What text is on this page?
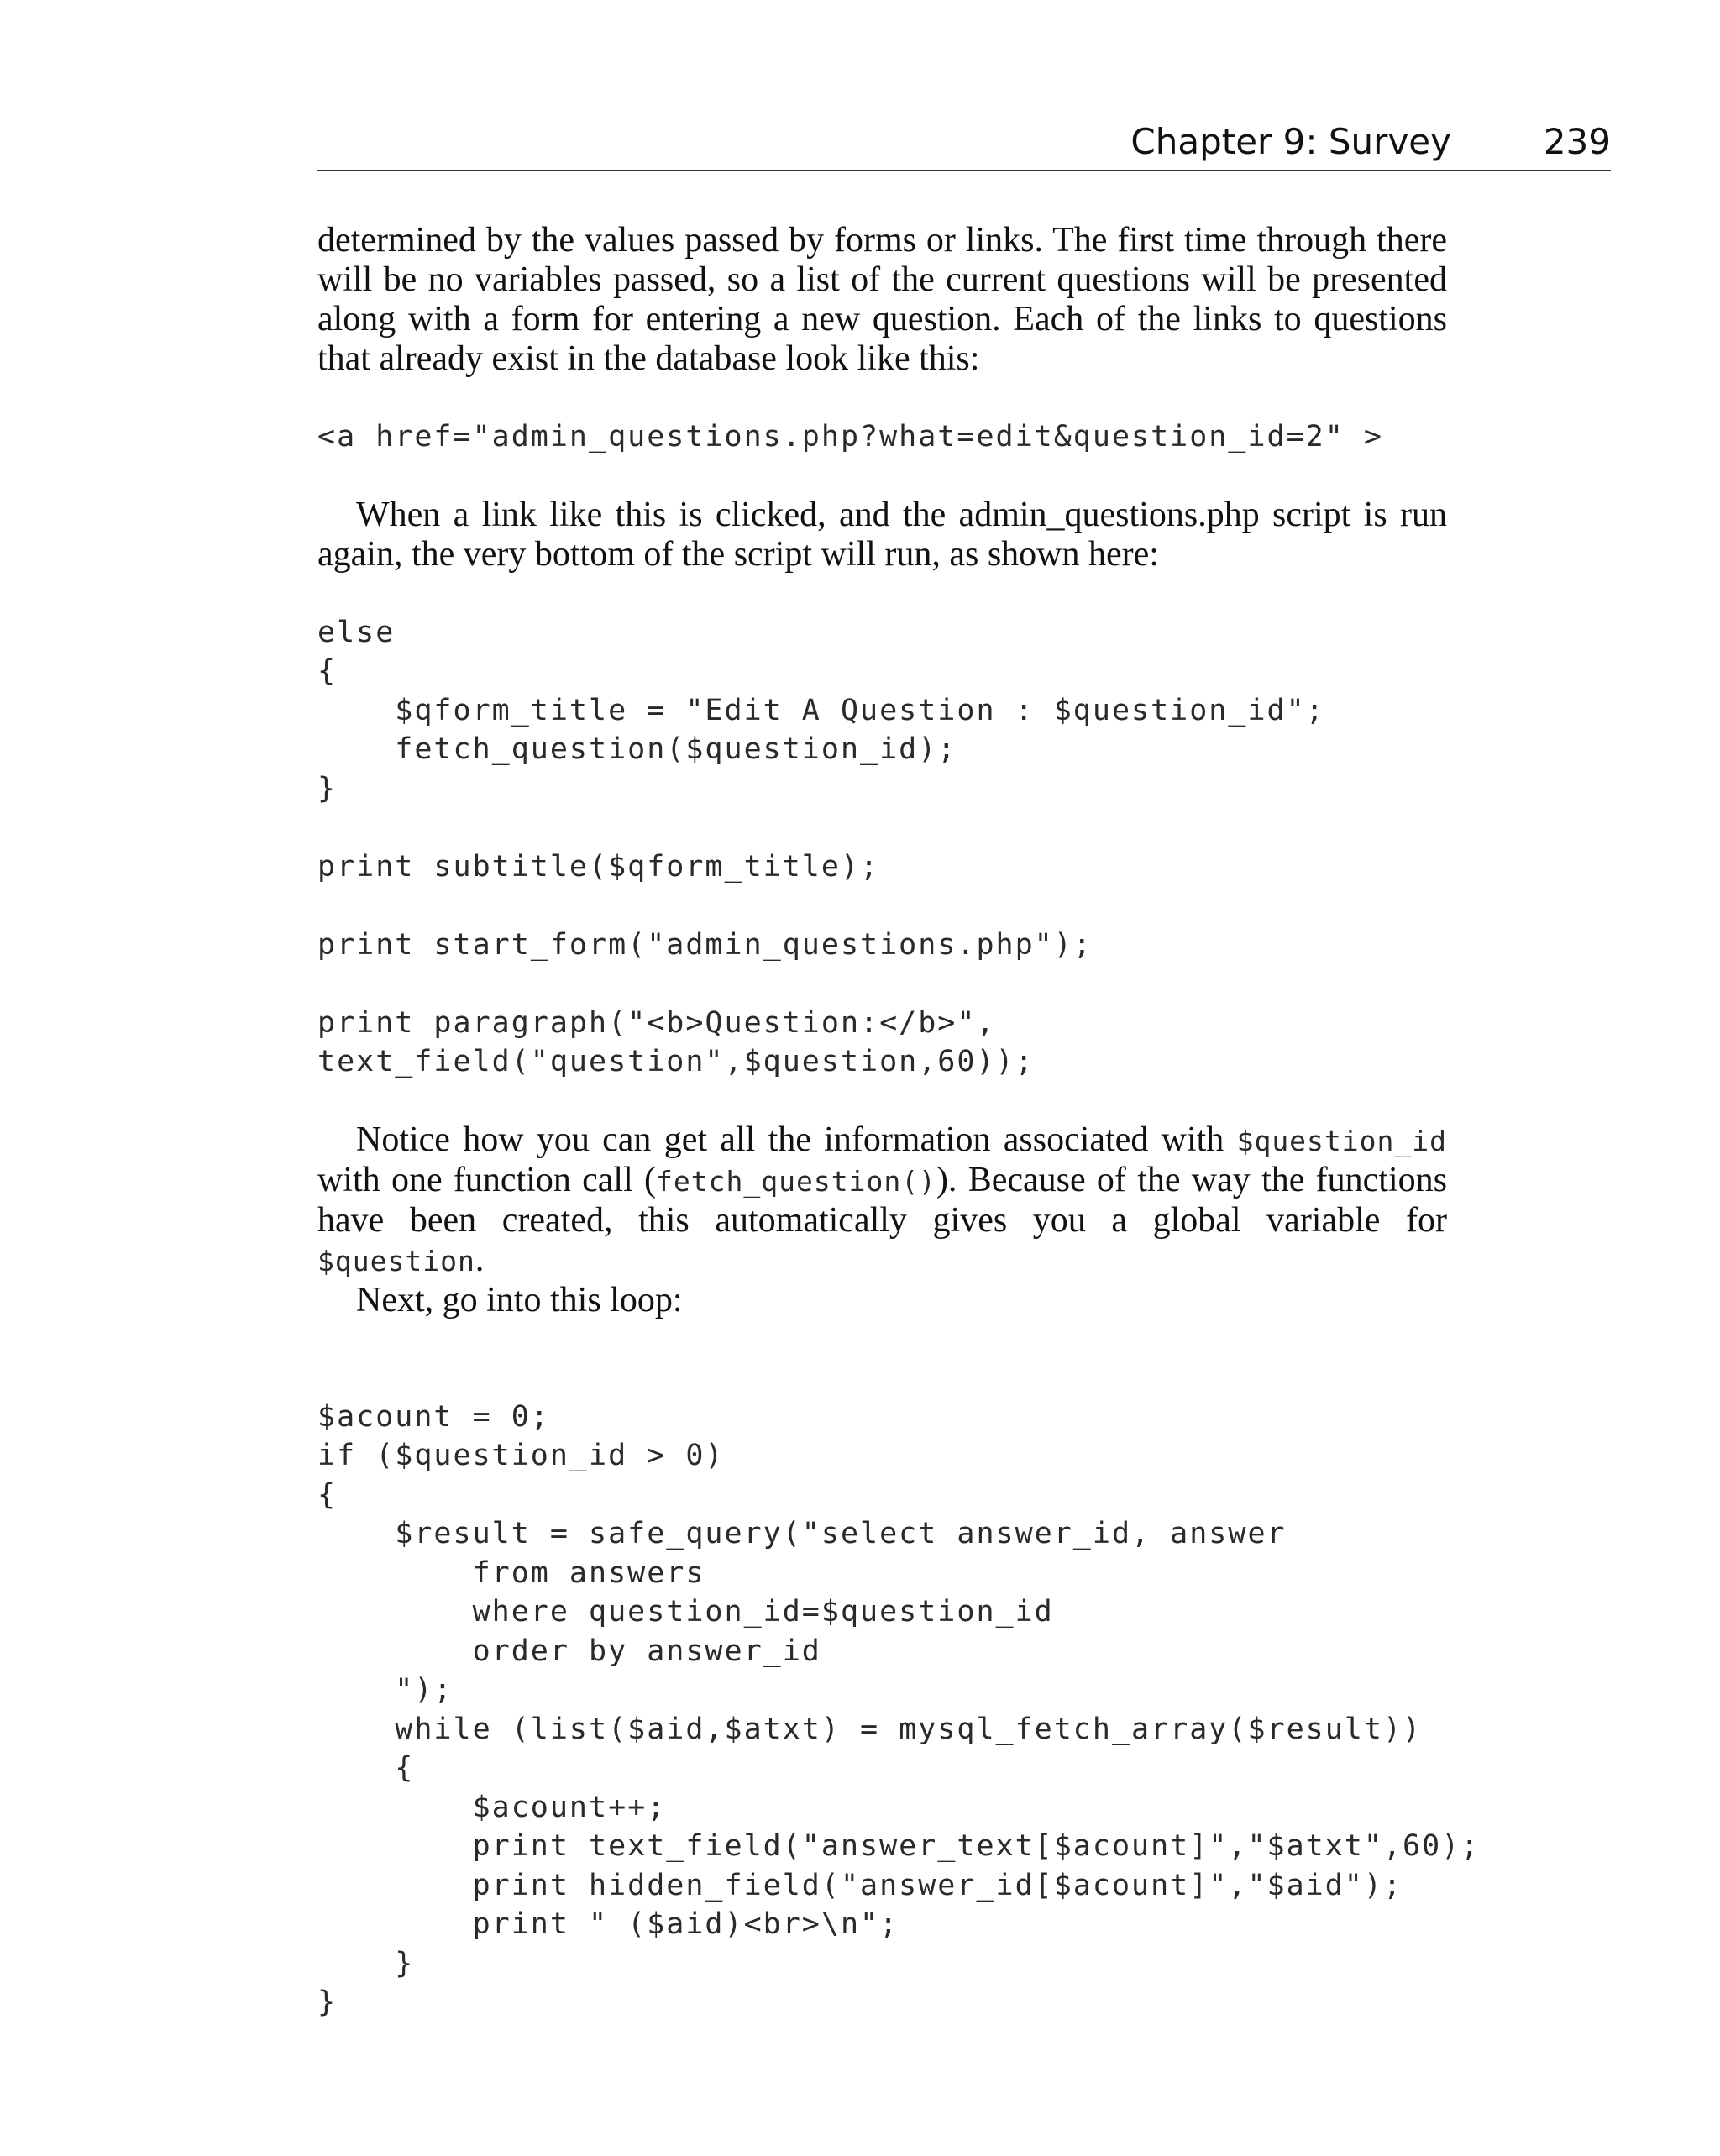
Chapter 9: Survey	239

determined by the values passed by forms or links. The first time through there will be no variables passed, so a list of the current questions will be presented along with a form for entering a new question. Each of the links to questions that already exist in the database look like this:

<a href="admin_questions.php?what=edit&question_id=2" >

When a link like this is clicked, and the admin_questions.php script is run again, the very bottom of the script will run, as shown here:

else
{
$qform_title = "Edit A Question : $question_id";
fetch_question($question_id);
}

print subtitle($qform_title);

print start_form("admin_questions.php");

print paragraph("<b>Question:</b>",
text_field("question",$question,60));

Notice how you can get all the information associated with $question_id with one function call (fetch_question()). Because of the way the functions have been created, this automatically gives you a global variable for $question.

Next, go into this loop:

$acount = 0;
if ($question_id > 0)
{
$result = safe_query("select answer_id, answer
from answers
where question_id=$question_id
order by answer_id
");
while (list($aid,$atxt) = mysql_fetch_array($result))
{
$acount++;
print text_field("answer_text[$acount]","$atxt",60);
print hidden_field("answer_id[$acount]","$aid");
print " ($aid)<br>\n";
}
}
